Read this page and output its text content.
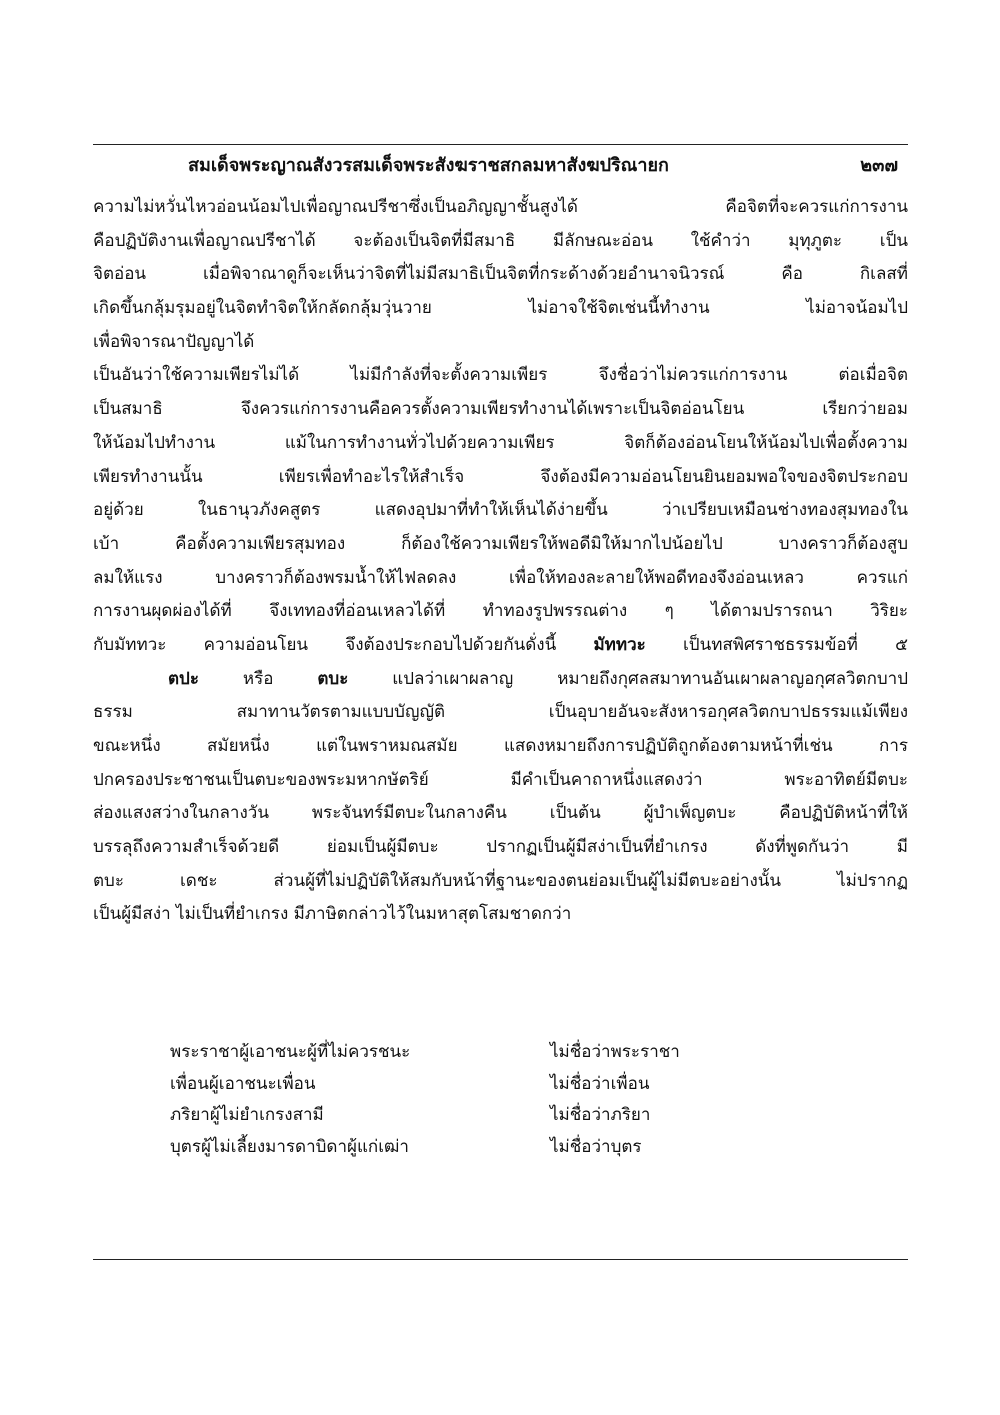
สมเด็จพระญาณสังวรสมเด็จพระสังฆราชสกลมหาสังฆปริณายก	๒๓๗
ความไม่หวั่นไหวอ่อนน้อมไปเพื่อญาณปรีชาซึ่งเป็นอภิญญาชั้นสูงได้ คือจิตที่จะควรแก่การงาน
คือปฏิบัติงานเพื่อญาณปรีชาได้ จะต้องเป็นจิตที่มีสมาธิ มีลักษณะอ่อน ใช้คำว่า มุทุภูตะ เป็น
จิตอ่อน เมื่อพิจาณาดูก็จะเห็นว่าจิตที่ไม่มีสมาธิเป็นจิตที่กระด้างด้วยอำนาจนิวรณ์ คือ กิเลสที่
เกิดขึ้นกลุ้มรุมอยู่ในจิตทำจิตให้กลัดกลุ้มวุ่นวาย ไม่อาจใช้จิตเช่นนี้ทำงาน ไม่อาจน้อมไป
เพื่อพิจารณาปัญญาได้
เป็นอันว่าใช้ความเพียรไม่ได้ ไม่มีกำลังที่จะตั้งความเพียร จึงชื่อว่าไม่ควรแก่การงาน ต่อเมื่อจิต
เป็นสมาธิ จึงควรแก่การงานคือควรตั้งความเพียรทำงานได้เพราะเป็นจิตอ่อนโยน เรียกว่ายอม
ให้น้อมไปทำงาน แม้ในการทำงานทั่วไปด้วยความเพียร จิตก็ต้องอ่อนโยนให้น้อมไปเพื่อตั้งความ
เพียรทำงานนั้น เพียรเพื่อทำอะไรให้สำเร็จ จึงต้องมีความอ่อนโยนยินยอมพอใจของจิตประกอบ
อยู่ด้วย ในธานุวภังคสูตร แสดงอุปมาที่ทำให้เห็นได้ง่ายขึ้น ว่าเปรียบเหมือนช่างทองสุมทองใน
เบ้า คือตั้งความเพียรสุมทอง ก็ต้องใช้ความเพียรให้พอดีมิให้มากไปน้อยไป บางคราวก็ต้องสูบ
ลมให้แรง บางคราวก็ต้องพรมน้ำให้ไฟลดลง เพื่อให้ทองละลายให้พอดีทองจึงอ่อนเหลว ควรแก่
การงานผุดผ่องได้ที่ จึงเททองที่อ่อนเหลวได้ที่ ทำทองรูปพรรณต่าง ๆ ได้ตามปรารถนา วิริยะ
กับมัททวะ ความอ่อนโยน จึงต้องประกอบไปด้วยกันดั่งนี้ มัททวะ เป็นทสพิศราชธรรมข้อที่ ๕
ตปะ หรือ ตบะ แปลว่าเผาผลาญ หมายถึงกุศลสมาทานอันเผาผลาญอกุศลวิตกบาป
ธรรม สมาทานวัตรตามแบบบัญญัติ เป็นอุบายอันจะสังหารอกุศลวิตกบาปธรรมแม้เพียง
ขณะหนึ่ง สมัยหนึ่ง แต่ในพราหมณสมัย แสดงหมายถึงการปฏิบัติถูกต้องตามหน้าที่เช่น การ
ปกครองประชาชนเป็นตบะของพระมหากษัตริย์ มีคำเป็นคาถาหนึ่งแสดงว่า พระอาทิตย์มีตบะ
ส่องแสงสว่างในกลางวัน พระจันทร์มีตบะในกลางคืน เป็นต้น ผู้บำเพ็ญตบะ คือปฏิบัติหน้าที่ให้
บรรลุถึงความสำเร็จด้วยดี ย่อมเป็นผู้มีตบะ ปรากฏเป็นผู้มีสง่าเป็นที่ยำเกรง ดังที่พูดกันว่า มี
ตบะ เดชะ ส่วนผู้ที่ไม่ปฏิบัติให้สมกับหน้าที่ฐานะของตนย่อมเป็นผู้ไม่มีตบะอย่างนั้น ไม่ปรากฏ
เป็นผู้มีสง่า ไม่เป็นที่ยำเกรง มีภาษิตกล่าวไว้ในมหาสุตโสมชาดกว่า
พระราชาผู้เอาชนะผู้ที่ไม่ควรชนะ	ไม่ชื่อว่าพระราชา
เพื่อนผู้เอาชนะเพื่อน	ไม่ชื่อว่าเพื่อน
ภริยาผู้ไม่ยำเกรงสามี	ไม่ชื่อว่าภริยา
บุตรผู้ไม่เลี้ยงมารดาบิดาผู้แก่เฒ่า	ไม่ชื่อว่าบุตร
